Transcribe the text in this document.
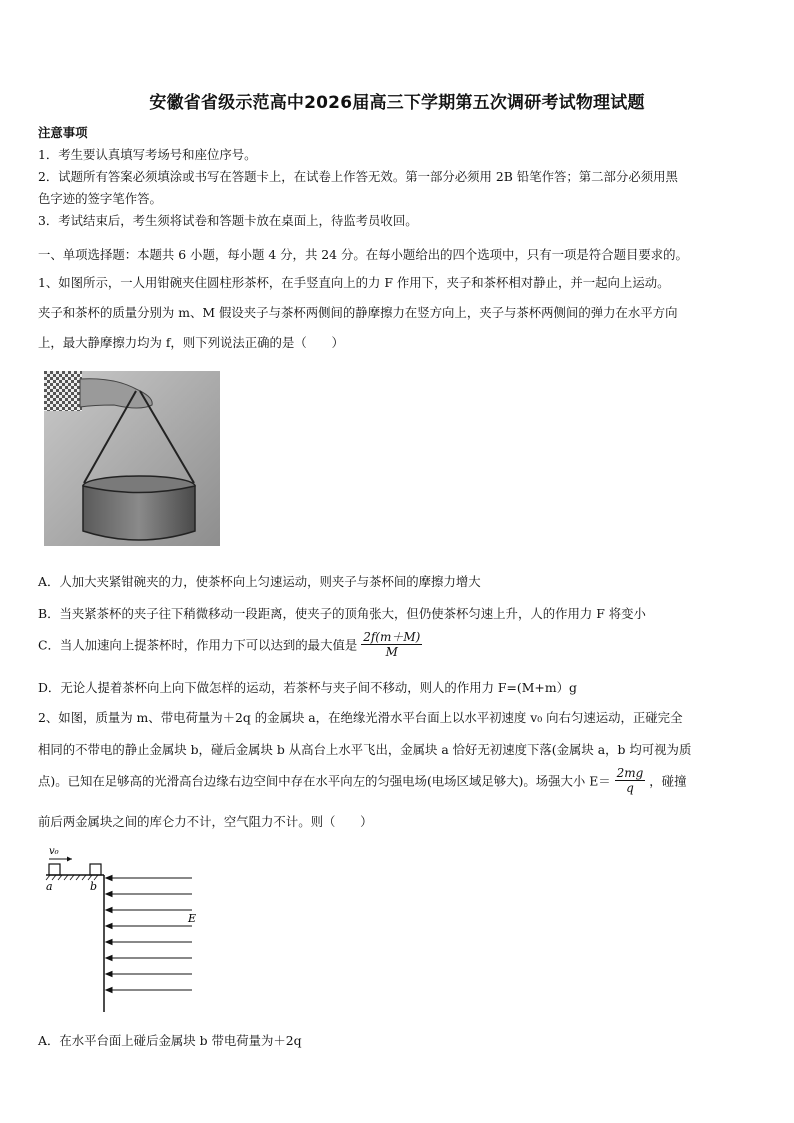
安徽省省级示范高中2026届高三下学期第五次调研考试物理试题
注意事项
1．考生要认真填写考场号和座位序号。
2．试题所有答案必须填涂或书写在答题卡上，在试卷上作答无效。第一部分必须用 2B 铅笔作答；第二部分必须用黑
色字迹的签字笔作答。
3．考试结束后，考生须将试卷和答题卡放在桌面上，待监考员收回。
一、单项选择题：本题共 6 小题，每小题 4 分，共 24 分。在每小题给出的四个选项中，只有一项是符合题目要求的。
1、如图所示，一人用钳碗夹住圆柱形茶杯，在手竖直向上的力 F 作用下，夹子和茶杯相对静止，并一起向上运动。
夹子和茶杯的质量分别为 m、M 假设夹子与茶杯两侧间的静摩擦力在竖方向上，夹子与茶杯两侧间的弹力在水平方向
上，最大静摩擦力均为 f，则下列说法正确的是（　　）
A．人加大夹紧钳碗夹的力，使茶杯向上匀速运动，则夹子与茶杯间的摩擦力增大
B．当夹紧茶杯的夹子往下稍微移动一段距离，使夹子的顶角张大，但仍使茶杯匀速上升，人的作用力 F 将变小
C．当人加速向上提茶杯时，作用力下可以达到的最大值是 $\frac{2f(m+M)}{M}$
D．无论人提着茶杯向上向下做怎样的运动，若茶杯与夹子间不移动，则人的作用力 F=(M+m）g
2、如图，质量为 m、带电荷量为＋2q 的金属块 a，在绝缘光滑水平台面上以水平初速度 v₀ 向右匀速运动，正碰完全
相同的不带电的静止金属块 b，碰后金属块 b 从高台上水平飞出，金属块 a 恰好无初速度下落(金属块 a，b 均可视为质
点)。已知在足够高的光滑高台边缘右边空间中存在水平向左的匀强电场(电场区域足够大)。场强大小 $E= \frac{2mg}{q}$ ，碰撞
前后两金属块之间的库仑力不计，空气阻力不计。则（　　）
v₀
a	b
E
A．在水平台面上碰后金属块 b 带电荷量为＋2q
